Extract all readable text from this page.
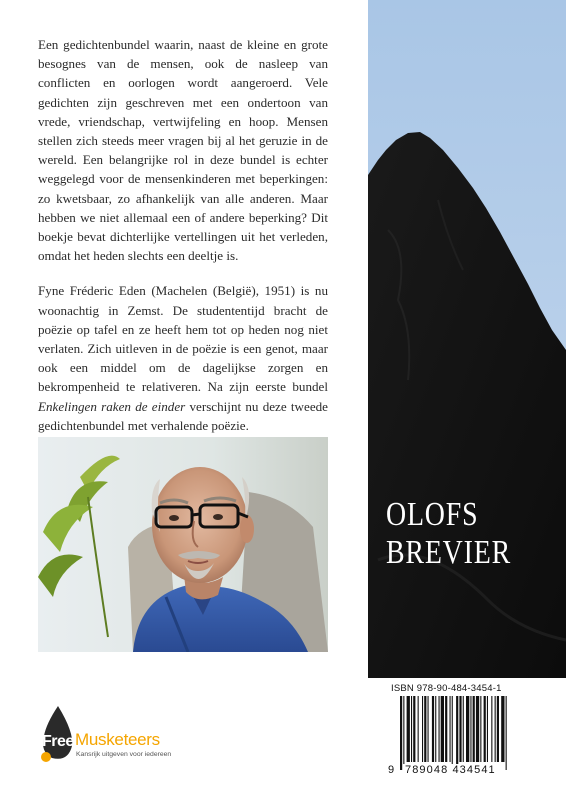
Een gedichtenbundel waarin, naast de kleine en grote besognes van de mensen, ook de nasleep van conflicten en oorlogen wordt aangeroerd. Vele gedichten zijn geschreven met een ondertoon van vrede, vriendschap, vertwijfeling en hoop. Mensen stellen zich steeds meer vragen bij al het geruzie in de wereld. Een belangrijke rol in deze bundel is echter weggelegd voor de mensenkinderen met beperkingen: zo kwetsbaar, zo afhankelijk van alle anderen. Maar hebben we niet allemaal een of andere beperking? Dit boekje bevat dichterlijke vertellingen uit het verleden, omdat het heden slechts een deeltje is.

Fyne Fréderic Eden (Machelen (België), 1951) is nu woonachtig in Zemst. De studententijd bracht de poëzie op tafel en ze heeft hem tot op heden nog niet verlaten. Zich uitleven in de poëzie is een genot, maar ook een middel om de dagelijkse zorgen en bekrompenheid te relativeren. Na zijn eerste bundel Enkelingen raken de einder verschijnt nu deze tweede gedichtenbundel met verhalende poëzie.

Free Musketeers
Kansrijk uitgeven voor iedereen
OLOFS
BREVIER
ISBN 978-90-484-3454-1
9 789048 434541
